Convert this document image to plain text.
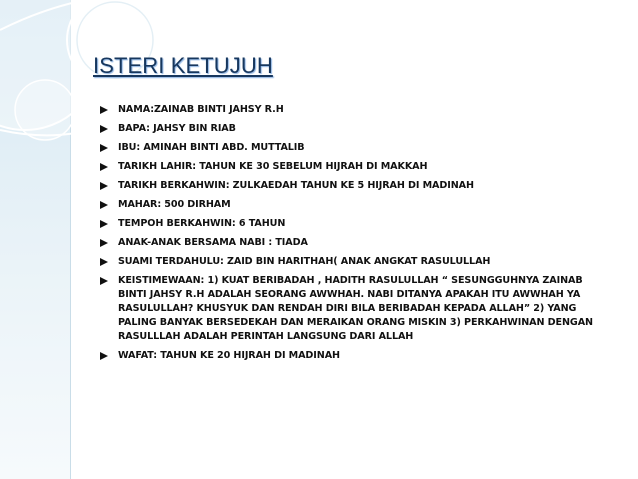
ISTERI KETUJUH
NAMA:ZAINAB BINTI JAHSY R.H
BAPA: JAHSY BIN RIAB
IBU: AMINAH BINTI ABD. MUTTALIB
TARIKH LAHIR: TAHUN KE 30 SEBELUM HIJRAH DI MAKKAH
TARIKH BERKAHWIN: ZULKAEDAH TAHUN KE 5 HIJRAH DI MADINAH
MAHAR: 500 DIRHAM
TEMPOH BERKAHWIN: 6 TAHUN
ANAK-ANAK BERSAMA NABI : TIADA
SUAMI TERDAHULU: ZAID BIN HARITHAH( ANAK ANGKAT RASULULLAH
KEISTIMEWAAN: 1) KUAT BERIBADAH , HADITH RASULULLAH “ SESUNGGUHNYA ZAINAB BINTI JAHSY R.H ADALAH SEORANG AWWHAH. NABI DITANYA APAKAH ITU AWWHAH YA RASULULLAH? KHUSYUK DAN RENDAH DIRI BILA BERIBADAH KEPADA ALLAH” 2) YANG PALING BANYAK BERSEDEKAH DAN MERAIKAN ORANG MISKIN 3) PERKAHWINAN DENGAN RASULLLAH ADALAH PERINTAH LANGSUNG DARI ALLAH
WAFAT: TAHUN KE 20 HIJRAH DI MADINAH
